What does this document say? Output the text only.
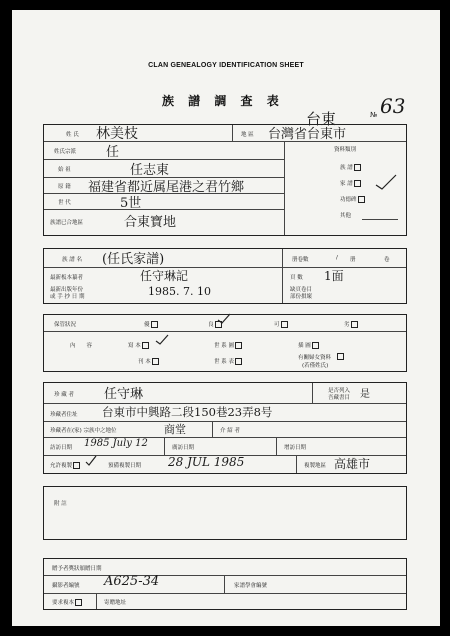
CLAN GENEALOGY IDENTIFICATION SHEET
族 譜 調 查 表
台東	№ 63
姓 氏 林美枝	地 區 台灣省台東市
姓氏宗派 任
始 祖	任志東
原 籍 福建省都近属尾港之君竹鄉
世 代	5世
族譜已合地區	合東寶地
資料類別
族 譜
家 譜
功德碑
其他
族 譜 名 (任氏家譜)	册卷數	/ 册	卷
最新板本纂者	任守琳記	頁 數 1面
最新出版年份
或 手 抄 日 期	1985. 7. 10	缺頁卷目
部份損壞
保管狀況	優	良	可	劣
內　　容	寫 本	世 系 圖	插 圖
刊 本	世 系 表
有關婦女資料
(若僅姓氏)
珍 藏 者 任守琳	是否列入
吾藏書目 是
珍藏者住址 台東市中興路二段150巷23弄8号
珍藏者在(家) 宗族中之地位	商堂	介 紹 者
訪訪日期 1985 July 12	廣訪日期	增訪日期
允許複製	預備複製日期 28 JUL 1985	複製地區 高雄市
附 註
贈予者獎狀頒贈日期
攝影者編號 A625-34	家譜學會編號
要求複本	寄贈地址
